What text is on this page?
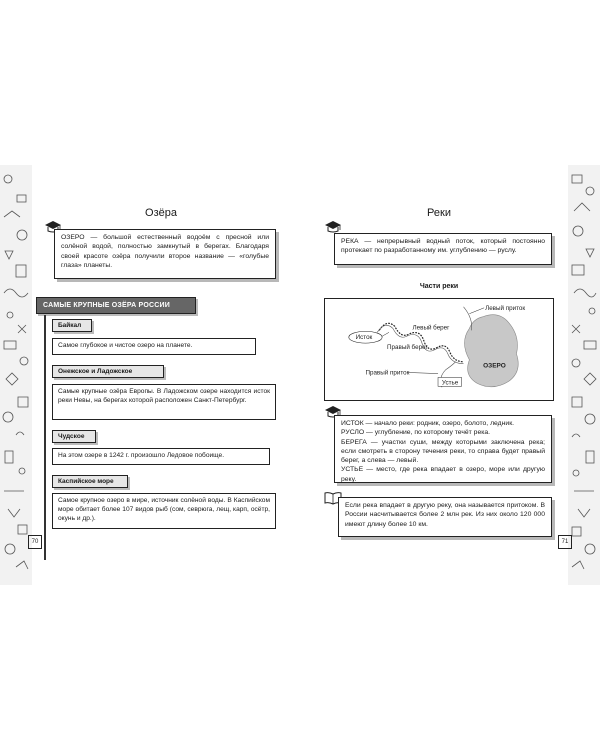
Озёра
ОЗЕРО — большой естественный водоём с пресной или солёной водой, полностью замкнутый в берегах. Благодаря своей красоте озёра получили второе название — «голубые глаза» планеты.
САМЫЕ КРУПНЫЕ ОЗЁРА РОССИИ
Байкал
Самое глубокое и чистое озеро на планете.
Онежское и Ладожское
Самые крупные озёра Европы. В Ладожском озере находится исток реки Невы, на берегах которой расположен Санкт-Петербург.
Чудское
На этом озере в 1242 г. произошло Ледовое побоище.
Каспийское море
Самое крупное озеро в мире, источник солёной воды. В Каспийском море обитает более 107 видов рыб (сом, севрюга, лещ, карп, осётр, окунь и др.).
70
Реки
РЕКА — непрерывный водный поток, который постоянно протекает по разработанному им. углублению — руслу.
Части реки
Исток
Левый приток
Левый берег
Правый берег
Правый приток
Устье
ОЗЕРО
ИСТОК — начало реки: родник, озеро, болото, ледник.
РУСЛО — углубление, по которому течёт река.
БЕРЕГА — участки суши, между которыми заключена река; если смотреть в сторону течения реки, то справа будет правый берег, а слева — левый.
УСТЬЕ — место, где река впадает в озеро, море или другую реку.
Если река впадает в другую реку, она называется притоком. В России насчитывается более 2 млн рек. Из них около 120 000 имеют длину более 10 км.
71
